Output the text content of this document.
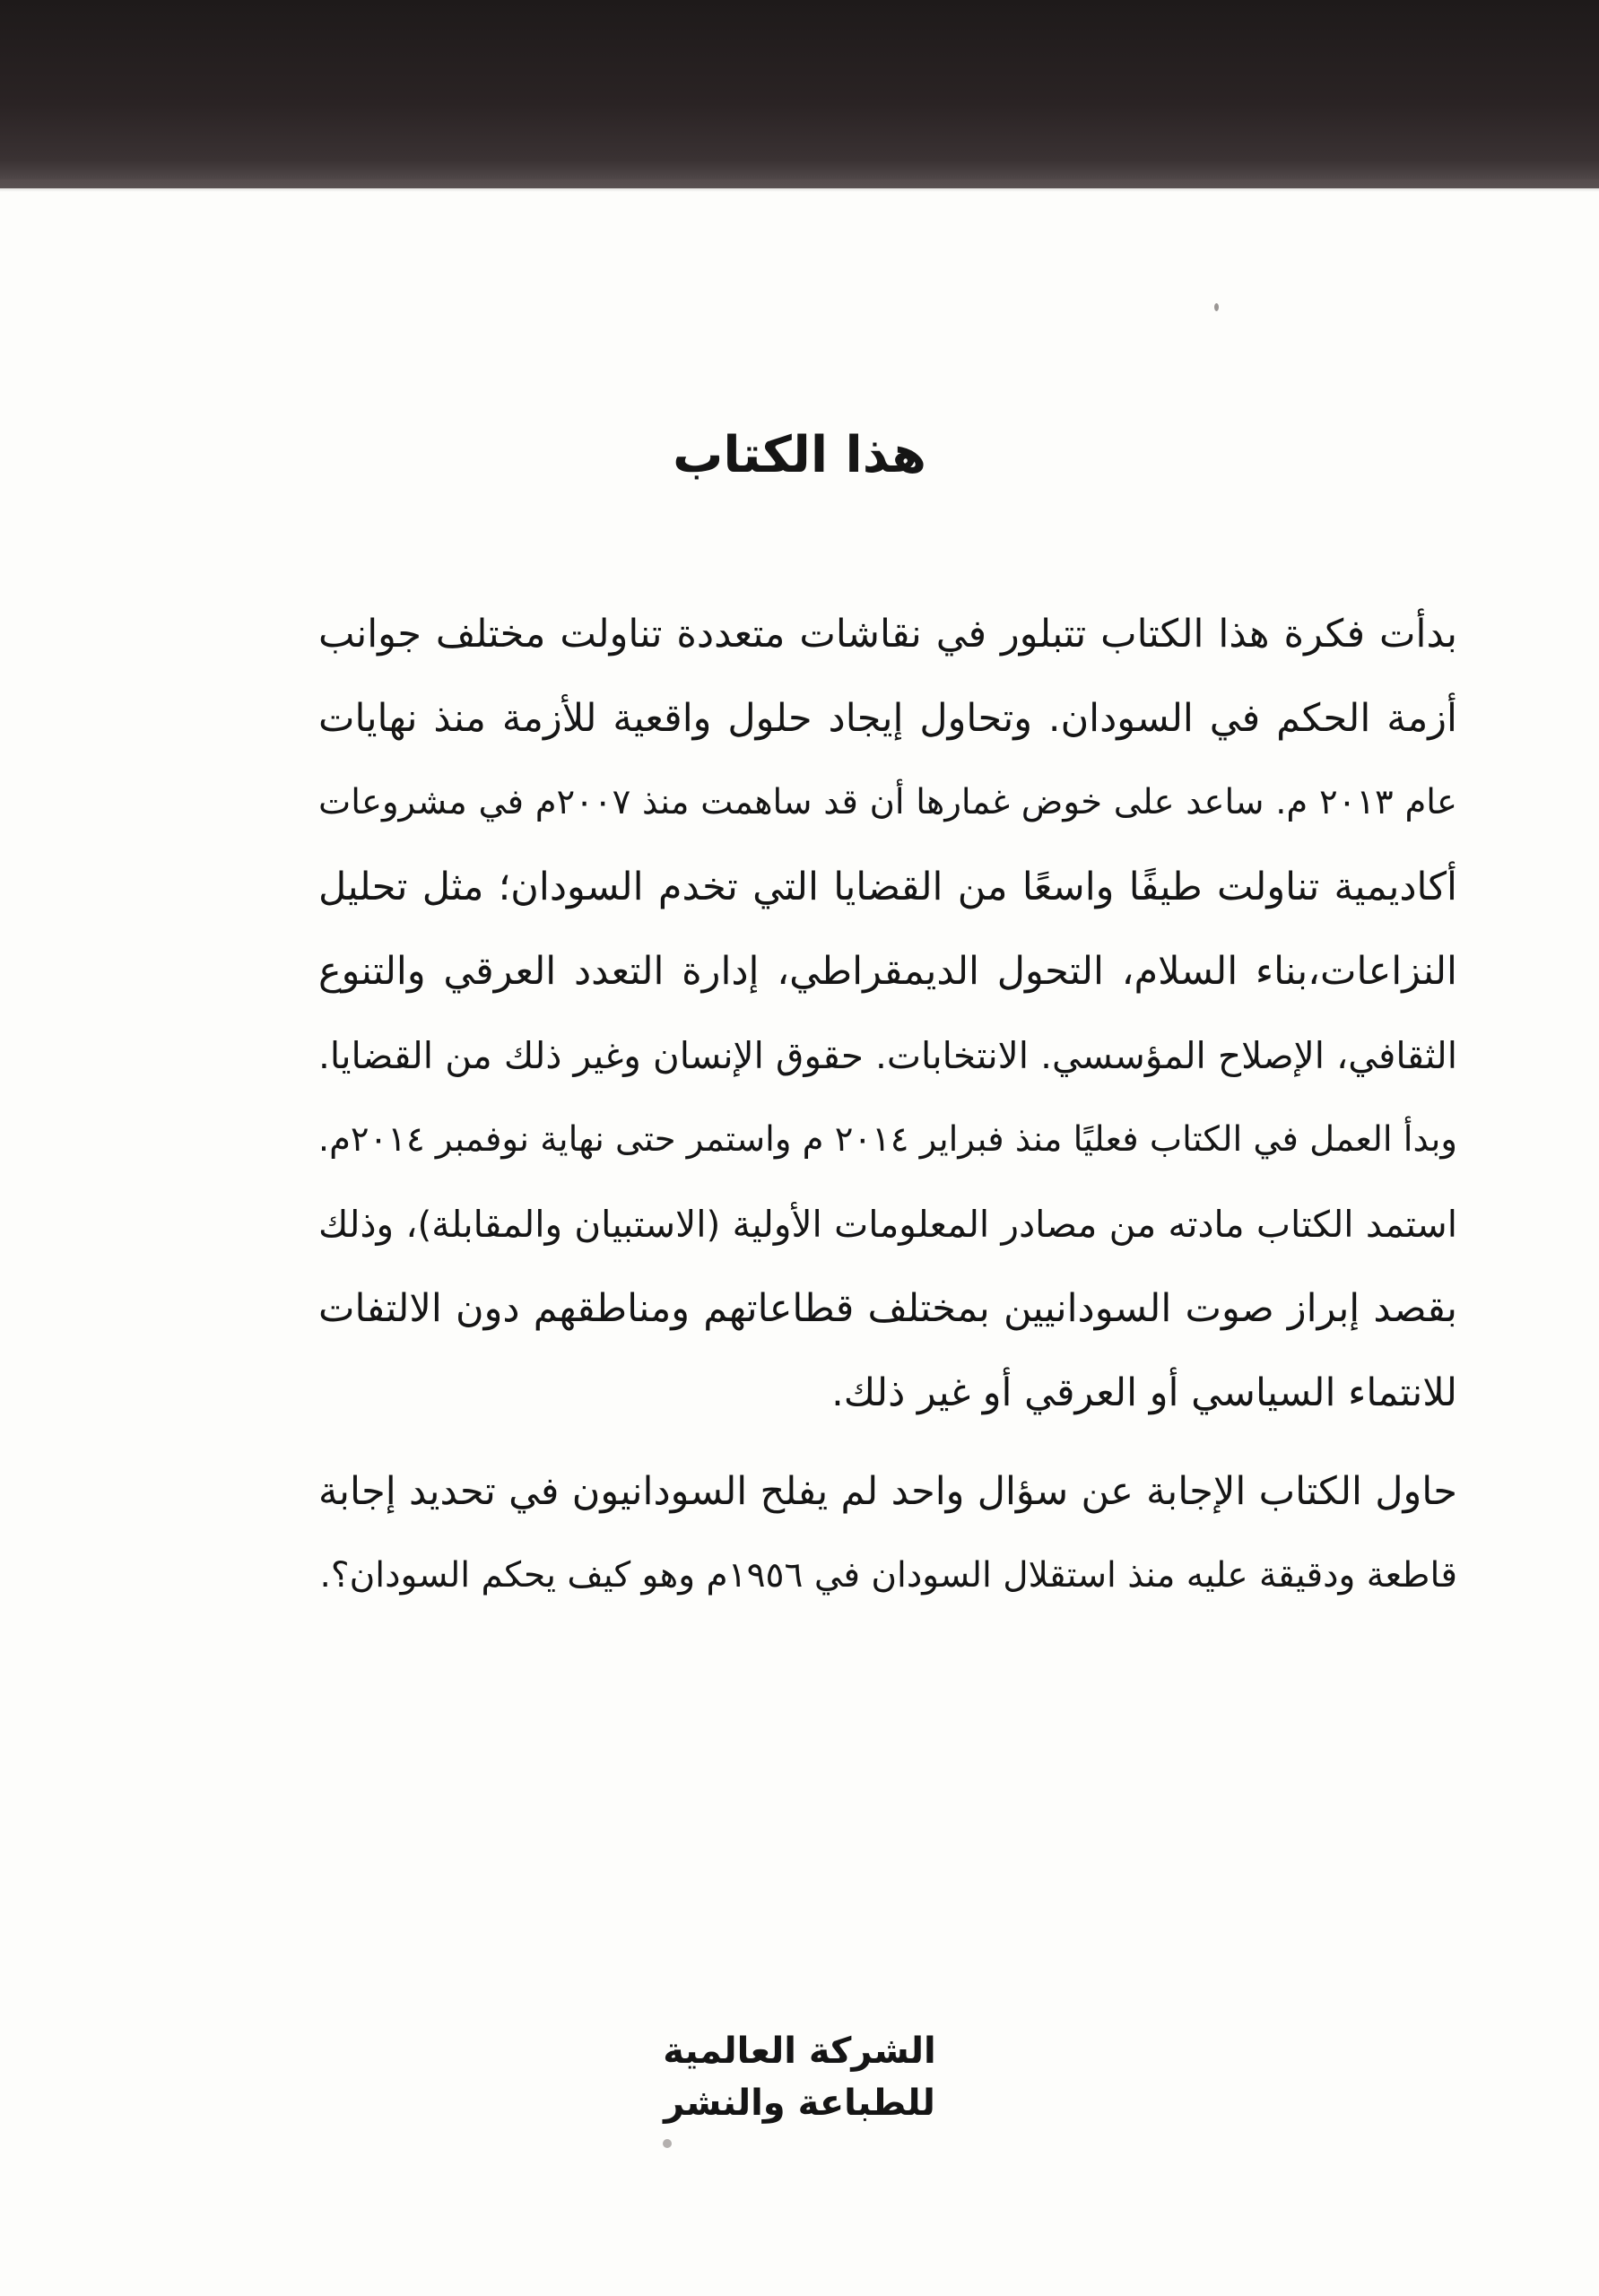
هذا الكتاب
بدأت فكرة هذا الكتاب تتبلور في نقاشات متعددة تناولت مختلف جوانب
أزمة الحكم في السودان. وتحاول إيجاد حلول واقعية للأزمة منذ نهايات
عام ٢٠١٣ م. ساعد على خوض غمارها أن قد ساهمت منذ ٢٠٠٧م في مشروعات
أكاديمية تناولت طيفًا واسعًا من القضايا التي تخدم السودان؛ مثل تحليل
النزاعات،بناء السلام، التحول الديمقراطي، إدارة التعدد العرقي والتنوع
الثقافي، الإصلاح المؤسسي. الانتخابات. حقوق الإنسان وغير ذلك من القضايا.
وبدأ العمل في الكتاب فعليًا منذ فبراير ٢٠١٤ م واستمر حتى نهاية نوفمبر ٢٠١٤م.
استمد الكتاب مادته من مصادر المعلومات الأولية (الاستبيان والمقابلة)، وذلك
بقصد إبراز صوت السودانيين بمختلف قطاعاتهم ومناطقهم دون الالتفات
للانتماء السياسي أو العرقي أو غير ذلك.
حاول الكتاب الإجابة عن سؤال واحد لم يفلح السودانيون في تحديد إجابة
قاطعة ودقيقة عليه منذ استقلال السودان في ١٩٥٦م وهو كيف يحكم السودان؟.
الشركة العالمية
للطباعة والنشر
